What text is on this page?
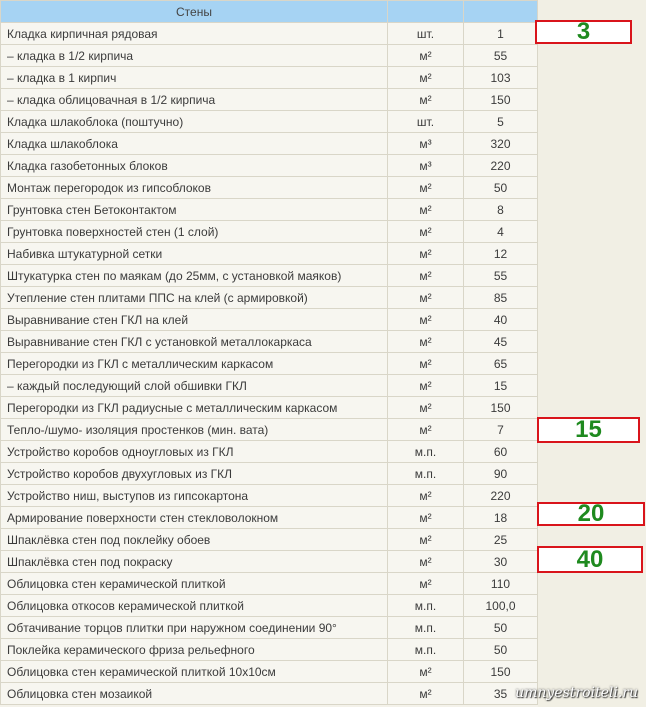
Стены		
Кладка кирпичная рядовая	шт.	1
– кладка в 1/2 кирпича	м²	55
– кладка в 1 кирпич	м²	103
– кладка облицовачная в 1/2 кирпича	м²	150
Кладка шлакоблока (поштучно)	шт.	5
Кладка шлакоблока	м³	320
Кладка газобетонных блоков	м³	220
Монтаж перегородок из гипсоблоков	м²	50
Грунтовка стен Бетоконтактом	м²	8
Грунтовка поверхностей стен (1 слой)	м²	4
Набивка штукатурной сетки	м²	12
Штукатурка стен по маякам (до 25мм, с установкой маяков)	м²	55
Утепление стен плитами ППС на клей (с армировкой)	м²	85
Выравнивание стен ГКЛ на клей	м²	40
Выравнивание стен ГКЛ с установкой металлокаркаса	м²	45
Перегородки из ГКЛ с металлическим каркасом	м²	65
– каждый последующий слой обшивки ГКЛ	м²	15
Перегородки из ГКЛ радиусные с металлическим каркасом	м²	150
Тепло-/шумо- изоляция простенков (мин. вата)	м²	7
Устройство коробов одноугловых из ГКЛ	м.п.	60
Устройство коробов двухугловых из ГКЛ	м.п.	90
Устройство ниш, выступов из гипсокартона	м²	220
Армирование поверхности стен стекловолокном	м²	18
Шпаклёвка стен под поклейку обоев	м²	25
Шпаклёвка стен под покраску	м²	30
Облицовка стен керамической плиткой	м²	110
Облицовка откосов керамической плиткой	м.п.	100,0
Обтачивание торцов плитки при наружном соединении 90°	м.п.	50
Поклейка керамического фриза рельефного	м.п.	50
Облицовка стен керамической плиткой 10х10см	м²	150
Облицовка стен мозаикой	м²	35
3
15
20
40
umnyestroiteli.ru
